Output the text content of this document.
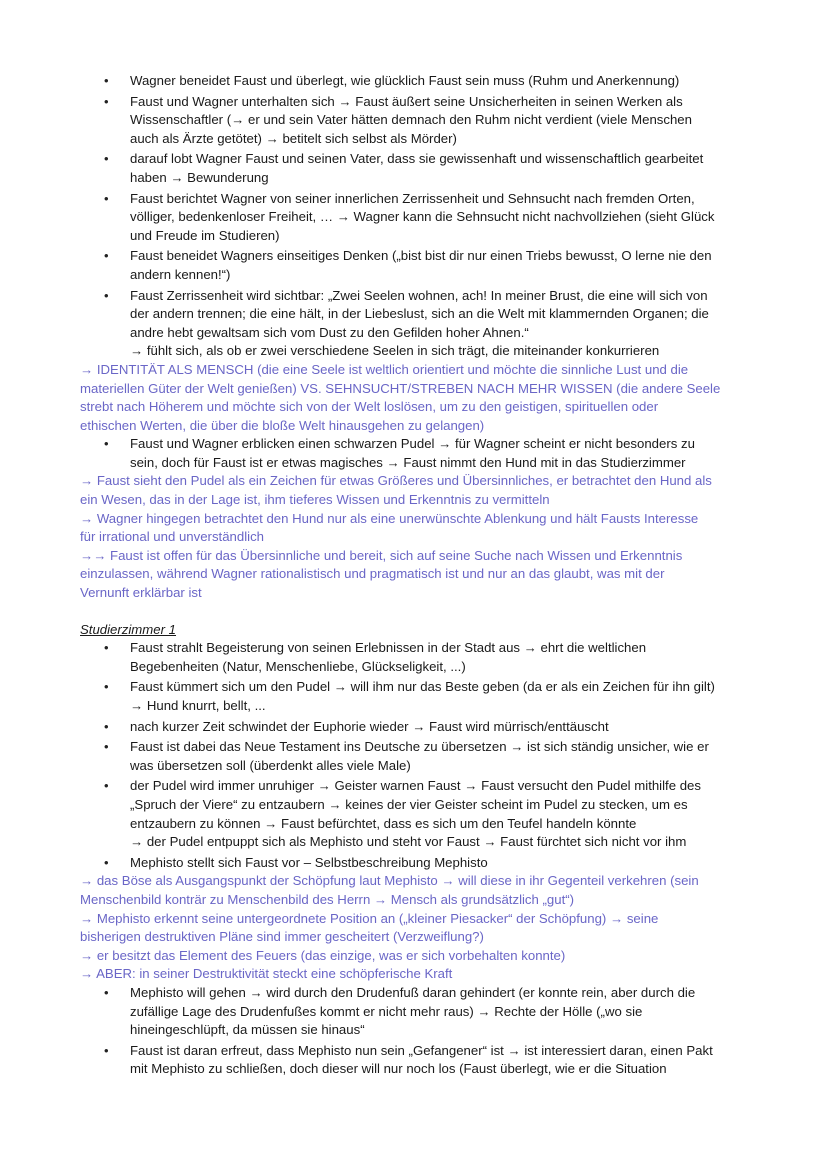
• Wagner beneidet Faust und überlegt, wie glücklich Faust sein muss (Ruhm und Anerkennung)

• Faust und Wagner unterhalten sich → Faust äußert seine Unsicherheiten in seinen Werken als

Wissenschaftler (→ er und sein Vater hätten demnach den Ruhm nicht verdient (viele Menschen

auch als Ärzte getötet) → betitelt sich selbst als Mörder)

• darauf lobt Wagner Faust und seinen Vater, dass sie gewissenhaft und wissenschaftlich gearbeitet

haben → Bewunderung

• Faust berichtet Wagner von seiner innerlichen Zerrissenheit und Sehnsucht nach fremden Orten,

völliger, bedenkenloser Freiheit, … → Wagner kann die Sehnsucht nicht nachvollziehen (sieht Glück

und Freude im Studieren)

• Faust beneidet Wagners einseitiges Denken („bist bist dir nur einen Triebs bewusst, O lerne nie den

andern kennen!“)

• Faust Zerrissenheit wird sichtbar: „Zwei Seelen wohnen, ach! In meiner Brust, die eine will sich von

der andern trennen; die eine hält, in der Liebeslust, sich an die Welt mit klammernden Organen; die

andre hebt gewaltsam sich vom Dust zu den Gefilden hoher Ahnen.“

→ fühlt sich, als ob er zwei verschiedene Seelen in sich trägt, die miteinander konkurrieren

→ IDENTITÄT ALS MENSCH (die eine Seele ist weltlich orientiert und möchte die sinnliche Lust und die

materiellen Güter der Welt genießen) VS. SEHNSUCHT/STREBEN NACH MEHR WISSEN (die andere Seele

strebt nach Höherem und möchte sich von der Welt loslösen, um zu den geistigen, spirituellen oder

ethischen Werten, die über die bloße Welt hinausgehen zu gelangen)

• Faust und Wagner erblicken einen schwarzen Pudel → für Wagner scheint er nicht besonders zu

sein, doch für Faust ist er etwas magisches → Faust nimmt den Hund mit in das Studierzimmer

→ Faust sieht den Pudel als ein Zeichen für etwas Größeres und Übersinnliches, er betrachtet den Hund als

ein Wesen, das in der Lage ist, ihm tieferes Wissen und Erkenntnis zu vermitteln

→ Wagner hingegen betrachtet den Hund nur als eine unerwünschte Ablenkung und hält Fausts Interesse

für irrational und unverständlich

→→ Faust ist offen für das Übersinnliche und bereit, sich auf seine Suche nach Wissen und Erkenntnis

einzulassen, während Wagner rationalistisch und pragmatisch ist und nur an das glaubt, was mit der

Vernunft erklärbar ist

Studierzimmer 1

• Faust strahlt Begeisterung von seinen Erlebnissen in der Stadt aus → ehrt die weltlichen

Begebenheiten (Natur, Menschenliebe, Glückseligkeit, ...)

• Faust kümmert sich um den Pudel → will ihm nur das Beste geben (da er als ein Zeichen für ihn gilt)

→ Hund knurrt, bellt, ...

• nach kurzer Zeit schwindet der Euphorie wieder → Faust wird mürrisch/enttäuscht

• Faust ist dabei das Neue Testament ins Deutsche zu übersetzen → ist sich ständig unsicher, wie er

was übersetzen soll (überdenkt alles viele Male)

• der Pudel wird immer unruhiger → Geister warnen Faust → Faust versucht den Pudel mithilfe des

„Spruch der Viere“ zu entzaubern → keines der vier Geister scheint im Pudel zu stecken, um es

entzaubern zu können → Faust befürchtet, dass es sich um den Teufel handeln könnte

→ der Pudel entpuppt sich als Mephisto und steht vor Faust → Faust fürchtet sich nicht vor ihm

• Mephisto stellt sich Faust vor – Selbstbeschreibung Mephisto

→ das Böse als Ausgangspunkt der Schöpfung laut Mephisto → will diese in ihr Gegenteil verkehren (sein

Menschenbild konträr zu Menschenbild des Herrn → Mensch als grundsätzlich „gut“)

→ Mephisto erkennt seine untergeordnete Position an („kleiner Piesacker“ der Schöpfung) → seine

bisherigen destruktiven Pläne sind immer gescheitert (Verzweiflung?)

→ er besitzt das Element des Feuers (das einzige, was er sich vorbehalten konnte)

→ ABER: in seiner Destruktivität steckt eine schöpferische Kraft

• Mephisto will gehen → wird durch den Drudenfuß daran gehindert (er konnte rein, aber durch die

zufällige Lage des Drudenfußes kommt er nicht mehr raus) → Rechte der Hölle („wo sie

hineingeschlüpft, da müssen sie hinaus“

• Faust ist daran erfreut, dass Mephisto nun sein „Gefangener“ ist → ist interessiert daran, einen Pakt

mit Mephisto zu schließen, doch dieser will nur noch los (Faust überlegt, wie er die Situation
